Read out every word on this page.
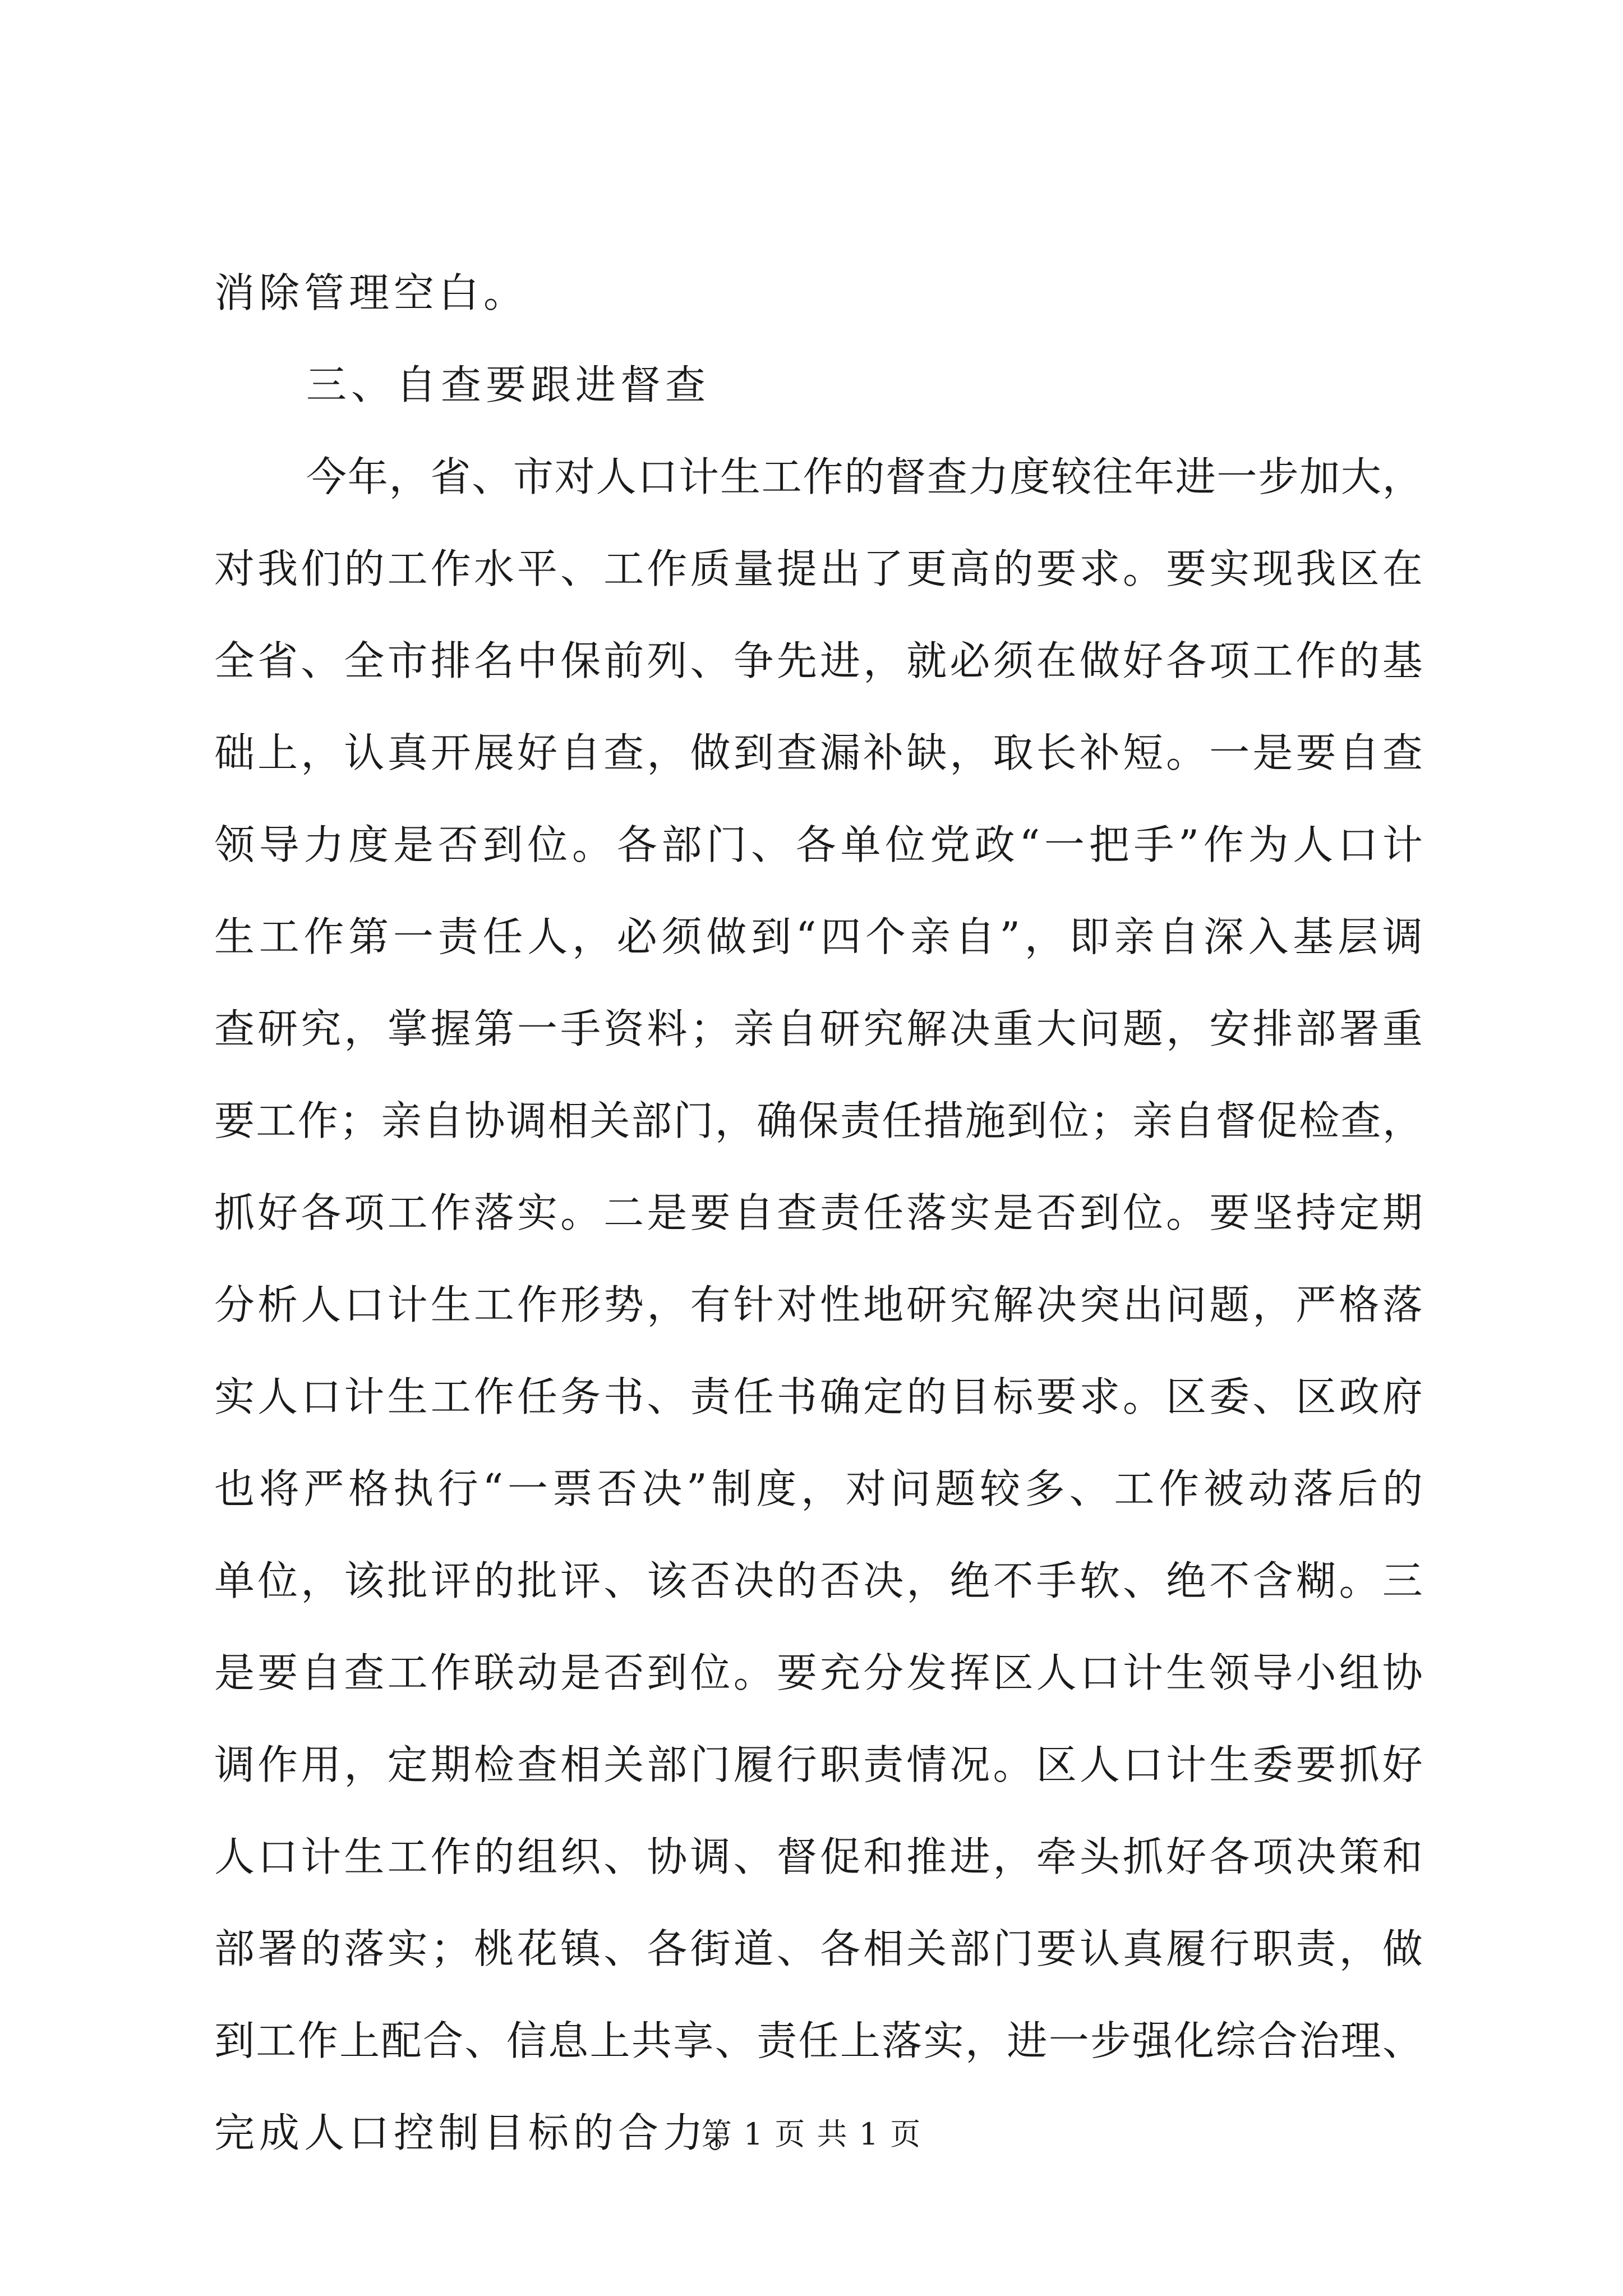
消除管理空白。
三、自查要跟进督查
今 年 ， 省 、 市 对 人 口 计 生 工 作 的 督 查 力 度 较 往 年 进 一 步 加 大 ，
对 我 们 的 工 作 水 平 、 工 作 质 量 提 出 了 更 高 的 要 求 。 要 实 现 我 区 在
全 省 、 全 市 排 名 中 保 前 列 、 争 先 进 ， 就 必 须 在 做 好 各 项 工 作 的 基
础 上 ， 认 真 开 展 好 自 查 ， 做 到 查 漏 补 缺 ， 取 长 补 短 。 一 是 要 自 查
领 导 力 度 是 否 到 位 。 各 部 门 、 各 单 位 党 政 “ 一 把 手 ” 作 为 人 口 计
生 工 作 第 一 责 任 人 ， 必 须 做 到 “ 四 个 亲 自 ” ， 即 亲 自 深 入 基 层 调
查 研 究 ， 掌 握 第 一 手 资 料 ； 亲 自 研 究 解 决 重 大 问 题 ， 安 排 部 署 重
要 工 作 ； 亲 自 协 调 相 关 部 门 ， 确 保 责 任 措 施 到 位 ； 亲 自 督 促 检 查 ，
抓 好 各 项 工 作 落 实 。 二 是 要 自 查 责 任 落 实 是 否 到 位 。 要 坚 持 定 期
分 析 人 口 计 生 工 作 形 势 ， 有 针 对 性 地 研 究 解 决 突 出 问 题 ， 严 格 落
实 人 口 计 生 工 作 任 务 书 、 责 任 书 确 定 的 目 标 要 求 。 区 委 、 区 政 府
也 将 严 格 执 行 “ 一 票 否 决 ” 制 度 ， 对 问 题 较 多 、 工 作 被 动 落 后 的
单 位 ， 该 批 评 的 批 评 、 该 否 决 的 否 决 ， 绝 不 手 软 、 绝 不 含 糊 。 三
是 要 自 查 工 作 联 动 是 否 到 位 。 要 充 分 发 挥 区 人 口 计 生 领 导 小 组 协
调 作 用 ， 定 期 检 查 相 关 部 门 履 行 职 责 情 况 。 区 人 口 计 生 委 要 抓 好
人 口 计 生 工 作 的 组 织 、 协 调 、 督 促 和 推 进 ， 牵 头 抓 好 各 项 决 策 和
部 署 的 落 实 ； 桃 花 镇 、 各 街 道 、 各 相 关 部 门 要 认 真 履 行 职 责 ， 做
到 工 作 上 配 合 、 信 息 上 共 享 、 责 任 上 落 实 ， 进 一 步 强 化 综 合 治 理 、
完成人口控制目标的合力。
第 1 页 共 1 页
